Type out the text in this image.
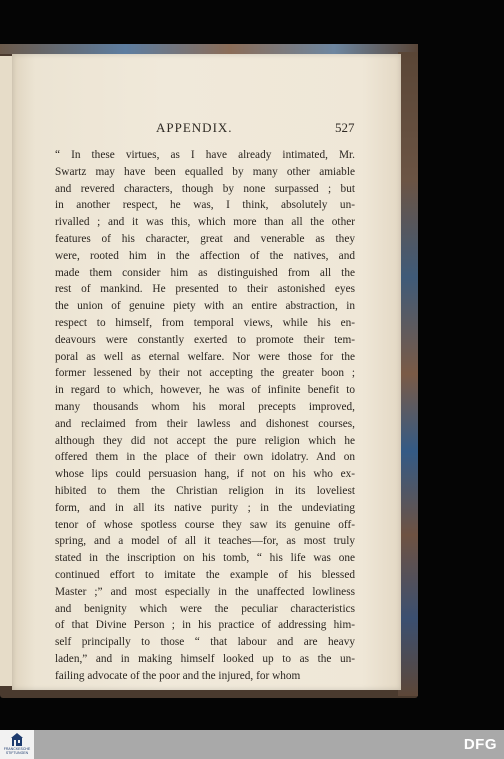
APPENDIX.	527

“ In these virtues, as I have already intimated, Mr.
Swartz may have been equalled by many other amiable
and revered characters, though by none surpassed ; but
in another respect, he was, I think, absolutely un-
rivalled ; and it was this, which more than all the other
features of his character, great and venerable as they
were, rooted him in the affection of the natives, and
made them consider him as distinguished from all the
rest of mankind. He presented to their astonished eyes
the union of genuine piety with an entire abstraction, in
respect to himself, from temporal views, while his en-
deavours were constantly exerted to promote their tem-
poral as well as eternal welfare. Nor were those for the
former lessened by their not accepting the greater boon ;
in regard to which, however, he was of infinite benefit to
many thousands whom his moral precepts improved,
and reclaimed from their lawless and dishonest courses,
although they did not accept the pure religion which he
offered them in the place of their own idolatry. And on
whose lips could persuasion hang, if not on his who ex-
hibited to them the Christian religion in its loveliest
form, and in all its native purity ; in the undeviating
tenor of whose spotless course they saw its genuine off-
spring, and a model of all it teaches—for, as most truly
stated in the inscription on his tomb, “ his life was one
continued effort to imitate the example of his blessed
Master ;” and most especially in the unaffected lowliness
and benignity which were the peculiar characteristics
of that Divine Person ; in his practice of addressing him-
self principally to those “ that labour and are heavy
laden,” and in making himself looked up to as the un-
failing advocate of the poor and the injured, for whom

FRANCKESCHE
STIFTUNGEN	DFG
